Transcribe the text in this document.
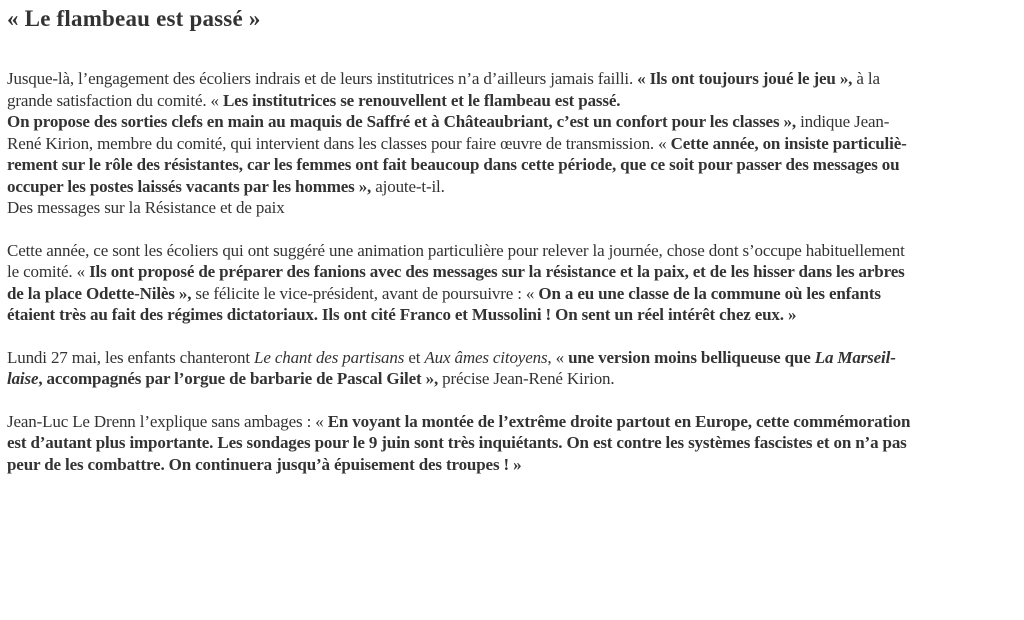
« Le flambeau est passé »
Jusque-là, l’engagement des écoliers indrais et de leurs institutrices n’a d’ailleurs jamais failli. « Ils ont toujours joué le jeu », à la
grande satisfaction du comité. « Les institutrices se renouvellent et le flambeau est passé.
On propose des sorties clefs en main au maquis de Saffré et à Châteaubriant, c’est un confort pour les classes », indique Jean-
René Kirion, membre du comité, qui intervient dans les classes pour faire œuvre de transmission. « Cette année, on insiste particuliè-
rement sur le rôle des résistantes, car les femmes ont fait beaucoup dans cette période, que ce soit pour passer des messages ou
occuper les postes laissés vacants par les hommes », ajoute-t-il.
Des messages sur la Résistance et de paix
Cette année, ce sont les écoliers qui ont suggéré une animation particulière pour relever la journée, chose dont s’occupe habituellement
le comité. « Ils ont proposé de préparer des fanions avec des messages sur la résistance et la paix, et de les hisser dans les arbres
de la place Odette-Nilès », se félicite le vice-président, avant de poursuivre : « On a eu une classe de la commune où les enfants
étaient très au fait des régimes dictatoriaux. Ils ont cité Franco et Mussolini ! On sent un réel intérêt chez eux. »
Lundi 27 mai, les enfants chanteront Le chant des partisans et Aux âmes citoyens, « une version moins belliqueuse que La Marseil-
laise, accompagnés par l’orgue de barbarie de Pascal Gilet », précise Jean-René Kirion.
Jean-Luc Le Drenn l’explique sans ambages : « En voyant la montée de l’extrême droite partout en Europe, cette commémoration
est d’autant plus importante. Les sondages pour le 9 juin sont très inquiétants. On est contre les systèmes fascistes et on n’a pas
peur de les combattre. On continuera jusqu’à épuisement des troupes ! »
